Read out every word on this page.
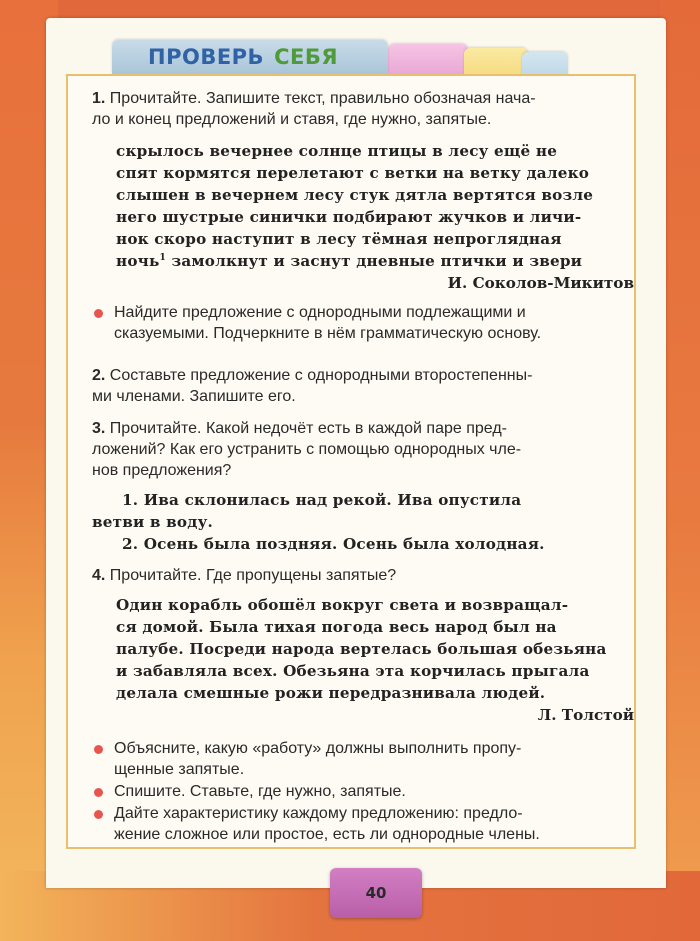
ПРОВЕРЬ СЕБЯ
1. Прочитайте. Запишите текст, правильно обозначая нача-
ло и конец предложений и ставя, где нужно, запятые.
скрылось вечернее солнце птицы в лесу ещё не
спят кормятся перелетают с ветки на ветку далеко
слышен в вечернем лесу стук дятла вертятся возле
него шустрые синички подбирают жучков и личи-
нок скоро наступит в лесу тёмная непроглядная
ночь$^1$ замолкнут и заснут дневные птички и звери
И. Соколов-Микитов
Найдите предложение с однородными подлежащими и
сказуемыми. Подчеркните в нём грамматическую основу.
2. Составьте предложение с однородными второстепенны-
ми членами. Запишите его.
3. Прочитайте. Какой недочёт есть в каждой паре пред-
ложений? Как его устранить с помощью однородных чле-
нов предложения?
1. Ива склонилась над рекой. Ива опустила
ветви в воду.
2. Осень была поздняя. Осень была холодная.
4. Прочитайте. Где пропущены запятые?
Один корабль обошёл вокруг света и возвращал-
ся домой. Была тихая погода весь народ был на
палубе. Посреди народа вертелась большая обезьяна
и забавляла всех. Обезьяна эта корчилась прыгала
делала смешные рожи передразнивала людей.
Л. Толстой
Объясните, какую «работу» должны выполнить пропу-
щенные запятые.
Спишите. Ставьте, где нужно, запятые.
Дайте характеристику каждому предложению: предло-
жение сложное или простое, есть ли однородные члены.
40
